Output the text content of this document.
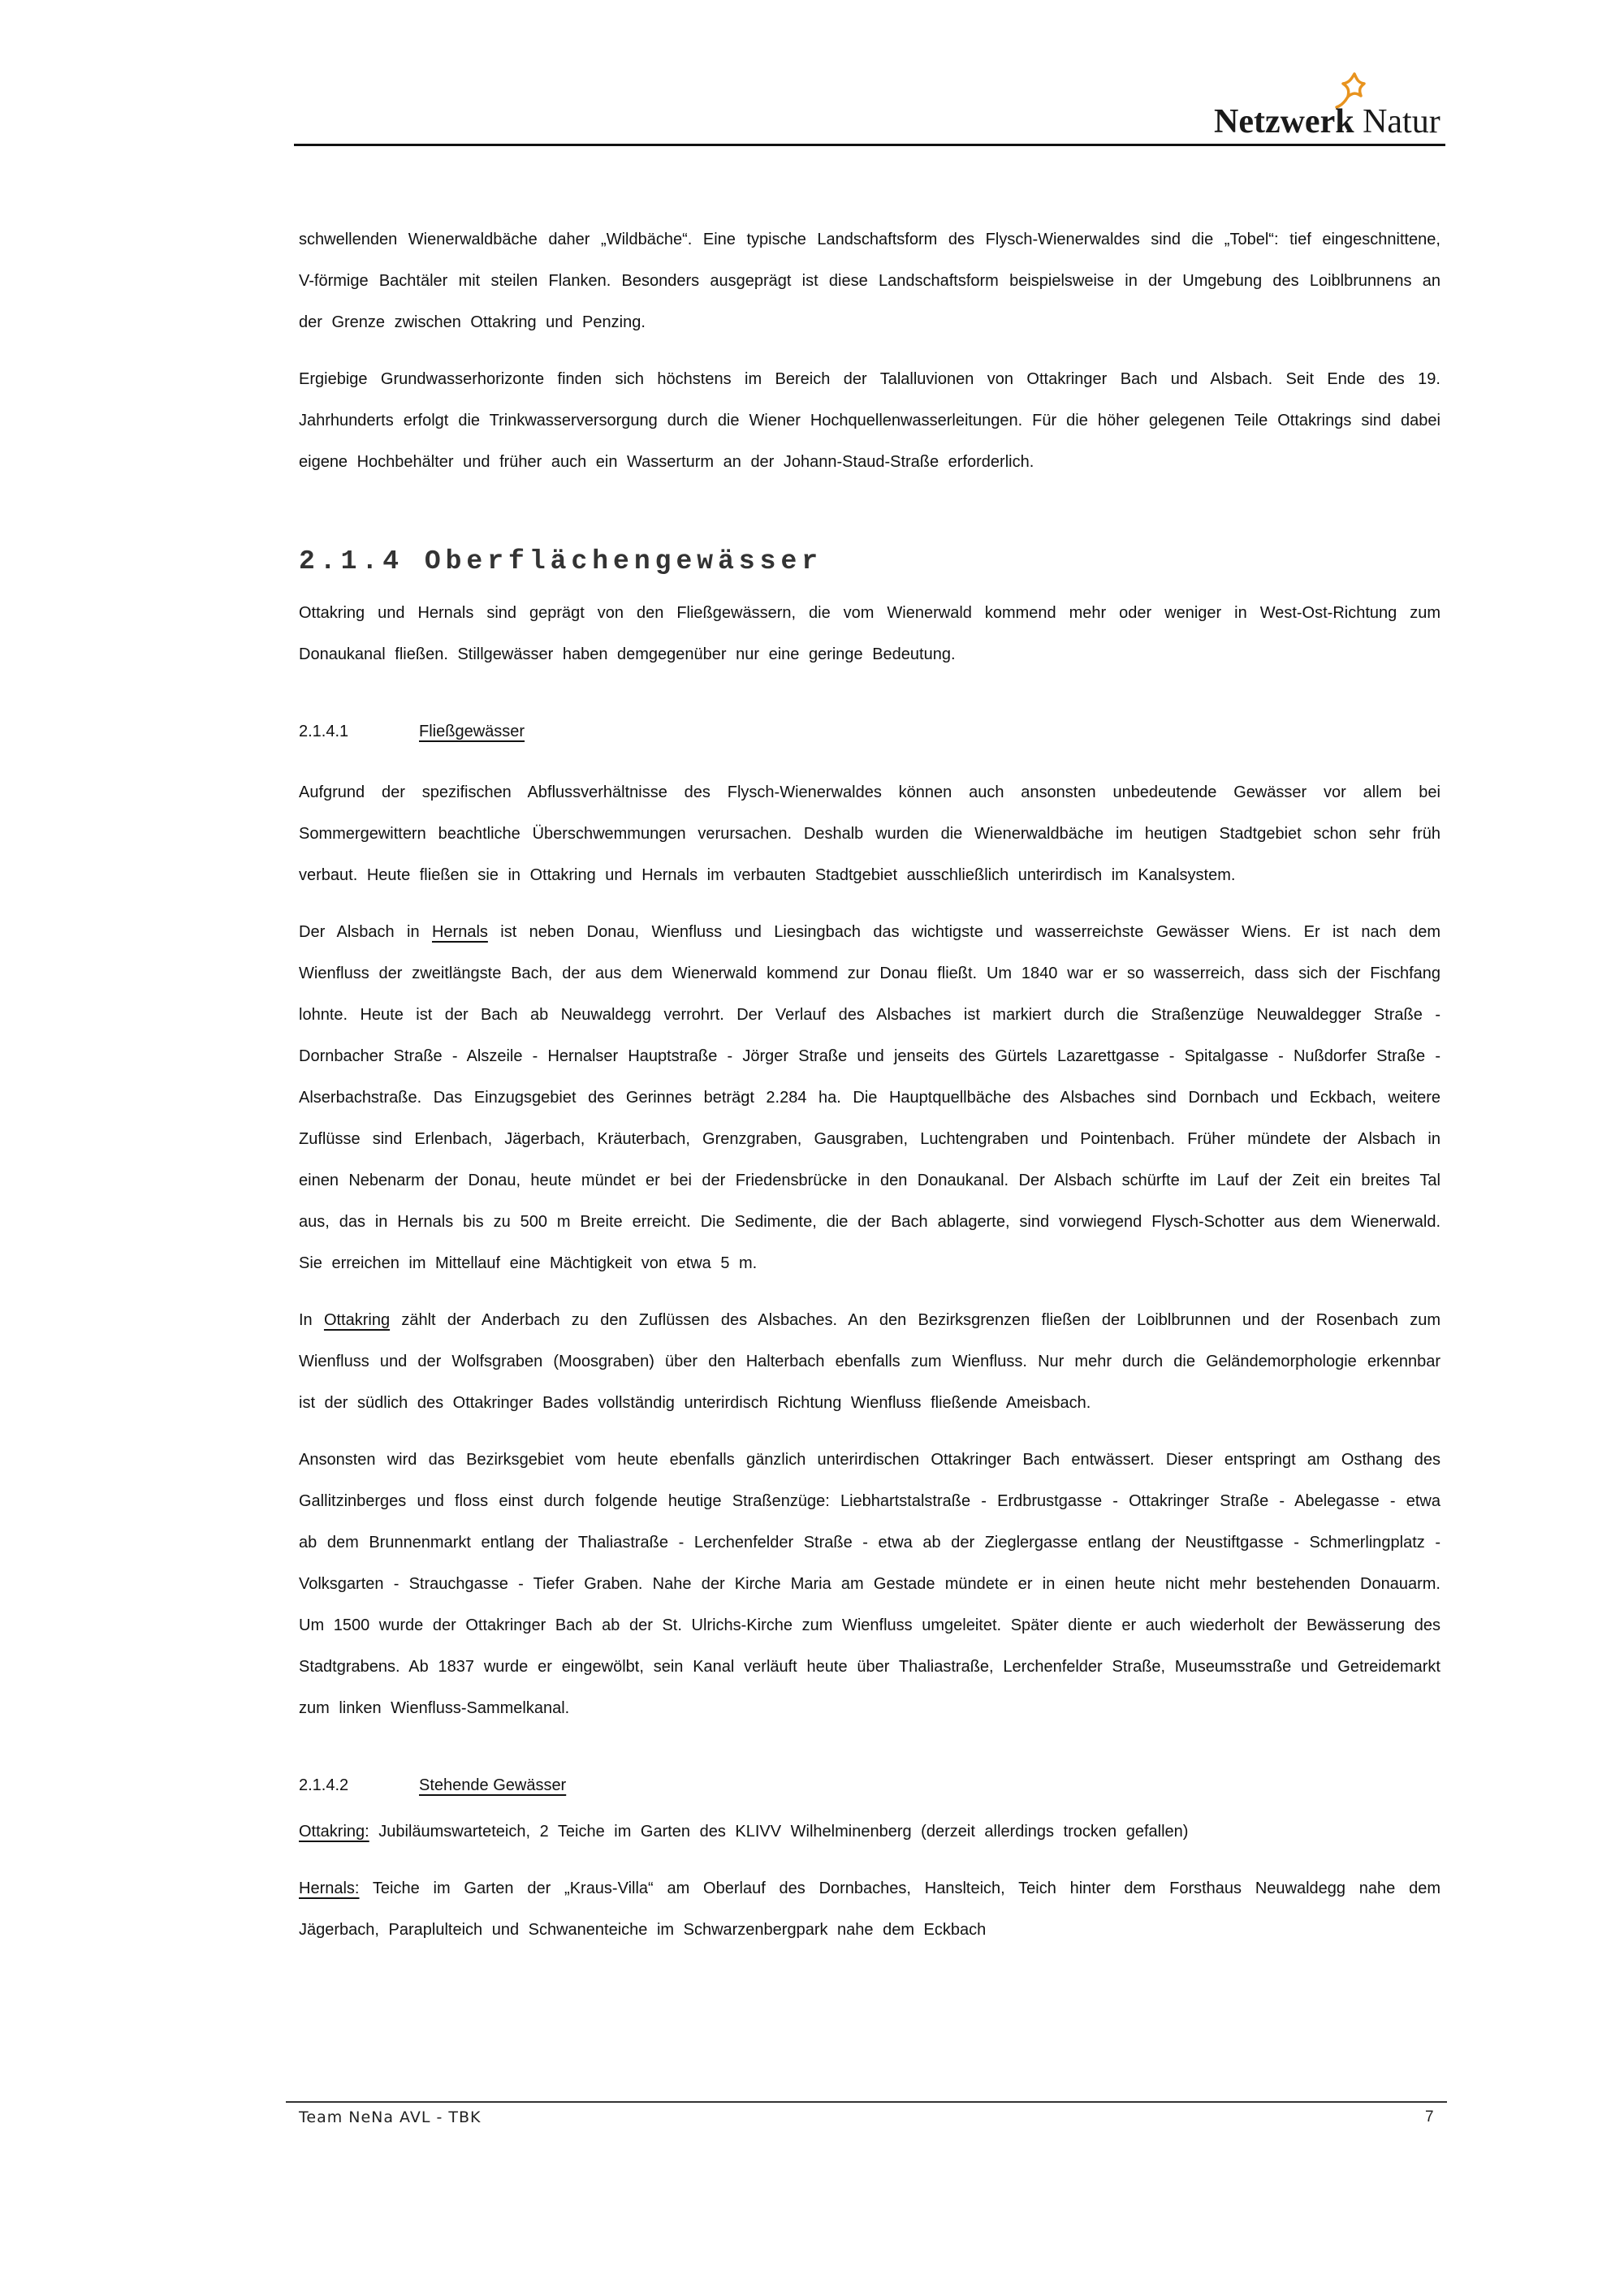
Netzwerk Natur

schwellenden Wienerwaldbäche daher „Wildbäche“. Eine typische Landschaftsform des Flysch-Wienerwaldes sind die „Tobel“: tief eingeschnittene, V-förmige Bachtäler mit steilen Flanken. Besonders ausgeprägt ist diese Landschaftsform beispielsweise in der Umgebung des Loiblbrunnens an der Grenze zwischen Ottakring und Penzing.

Ergiebige Grundwasserhorizonte finden sich höchstens im Bereich der Talalluvionen von Ottakringer Bach und Alsbach. Seit Ende des 19. Jahrhunderts erfolgt die Trinkwasserversorgung durch die Wiener Hochquellenwasserleitungen. Für die höher gelegenen Teile Ottakrings sind dabei eigene Hochbehälter und früher auch ein Wasserturm an der Johann-Staud-Straße erforderlich.

2.1.4 Oberflächengewässer

Ottakring und Hernals sind geprägt von den Fließgewässern, die vom Wienerwald kommend mehr oder weniger in West-Ost-Richtung zum Donaukanal fließen. Stillgewässer haben demgegenüber nur eine geringe Bedeutung.

2.1.4.1	Fließgewässer

Aufgrund der spezifischen Abflussverhältnisse des Flysch-Wienerwaldes können auch ansonsten unbedeutende Gewässer vor allem bei Sommergewittern beachtliche Überschwemmungen verursachen. Deshalb wurden die Wienerwaldbäche im heutigen Stadtgebiet schon sehr früh verbaut. Heute fließen sie in Ottakring und Hernals im verbauten Stadtgebiet ausschließlich unterirdisch im Kanalsystem.

Der Alsbach in Hernals ist neben Donau, Wienfluss und Liesingbach das wichtigste und wasserreichste Gewässer Wiens. Er ist nach dem Wienfluss der zweitlängste Bach, der aus dem Wienerwald kommend zur Donau fließt. Um 1840 war er so wasserreich, dass sich der Fischfang lohnte. Heute ist der Bach ab Neuwaldegg verrohrt. Der Verlauf des Alsbaches ist markiert durch die Straßenzüge Neuwaldegger Straße - Dornbacher Straße - Alszeile - Hernalser Hauptstraße - Jörger Straße und jenseits des Gürtels Lazarettgasse - Spitalgasse - Nußdorfer Straße - Alserbachstraße. Das Einzugsgebiet des Gerinnes beträgt 2.284 ha. Die Hauptquellbäche des Alsbaches sind Dornbach und Eckbach, weitere Zuflüsse sind Erlenbach, Jägerbach, Kräuterbach, Grenzgraben, Gausgraben, Luchtengraben und Pointenbach. Früher mündete der Alsbach in einen Nebenarm der Donau, heute mündet er bei der Friedensbrücke in den Donaukanal. Der Alsbach schürfte im Lauf der Zeit ein breites Tal aus, das in Hernals bis zu 500 m Breite erreicht. Die Sedimente, die der Bach ablagerte, sind vorwiegend Flysch-Schotter aus dem Wienerwald. Sie erreichen im Mittellauf eine Mächtigkeit von etwa 5 m.

In Ottakring zählt der Anderbach zu den Zuflüssen des Alsbaches. An den Bezirksgrenzen fließen der Loiblbrunnen und der Rosenbach zum Wienfluss und der Wolfsgraben (Moosgraben) über den Halterbach ebenfalls zum Wienfluss. Nur mehr durch die Geländemorphologie erkennbar ist der südlich des Ottakringer Bades vollständig unterirdisch Richtung Wienfluss fließende Ameisbach.

Ansonsten wird das Bezirksgebiet vom heute ebenfalls gänzlich unterirdischen Ottakringer Bach entwässert. Dieser entspringt am Osthang des Gallitzinberges und floss einst durch folgende heutige Straßenzüge: Liebhartstalstraße - Erdbrustgasse - Ottakringer Straße - Abelegasse - etwa ab dem Brunnenmarkt entlang der Thaliastraße - Lerchenfelder Straße - etwa ab der Zieglergasse entlang der Neustiftgasse - Schmerlingplatz - Volksgarten - Strauchgasse - Tiefer Graben. Nahe der Kirche Maria am Gestade mündete er in einen heute nicht mehr bestehenden Donauarm. Um 1500 wurde der Ottakringer Bach ab der St. Ulrichs-Kirche zum Wienfluss umgeleitet. Später diente er auch wiederholt der Bewässerung des Stadtgrabens. Ab 1837 wurde er eingewölbt, sein Kanal verläuft heute über Thaliastraße, Lerchenfelder Straße, Museumsstraße und Getreidemarkt zum linken Wienfluss-Sammelkanal.

2.1.4.2	Stehende Gewässer

Ottakring: Jubiläumswarteteich, 2 Teiche im Garten des KLIVV Wilhelminenberg (derzeit allerdings trocken gefallen)

Hernals: Teiche im Garten der „Kraus-Villa“ am Oberlauf des Dornbaches, Hanslteich, Teich hinter dem Forsthaus Neuwaldegg nahe dem Jägerbach, Paraplulteich und Schwanenteiche im Schwarzenbergpark nahe dem Eckbach

Team NeNa AVL - TBK	7
